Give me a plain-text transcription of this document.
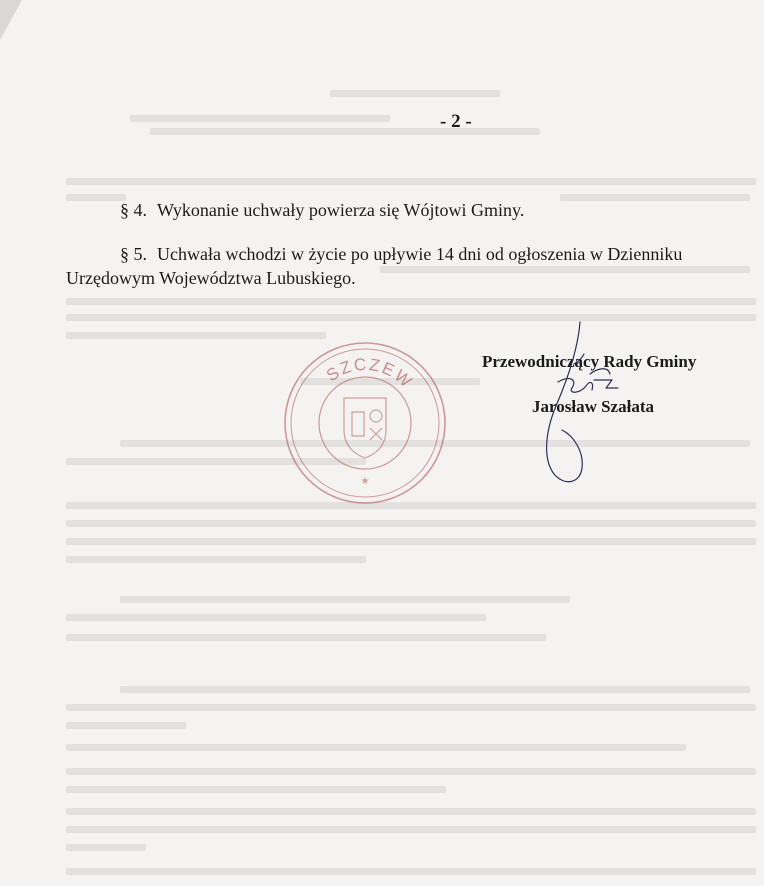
- 2 -
§ 4. Wykonanie uchwały powierza się Wójtowi Gminy.
§ 5. Uchwała wchodzi w życie po upływie 14 dni od ogłoszenia w Dzienniku Urzędowym Województwa Lubuskiego.
SZCZEW
★
Przewodniczący Rady Gminy
Jarosław Szałata
